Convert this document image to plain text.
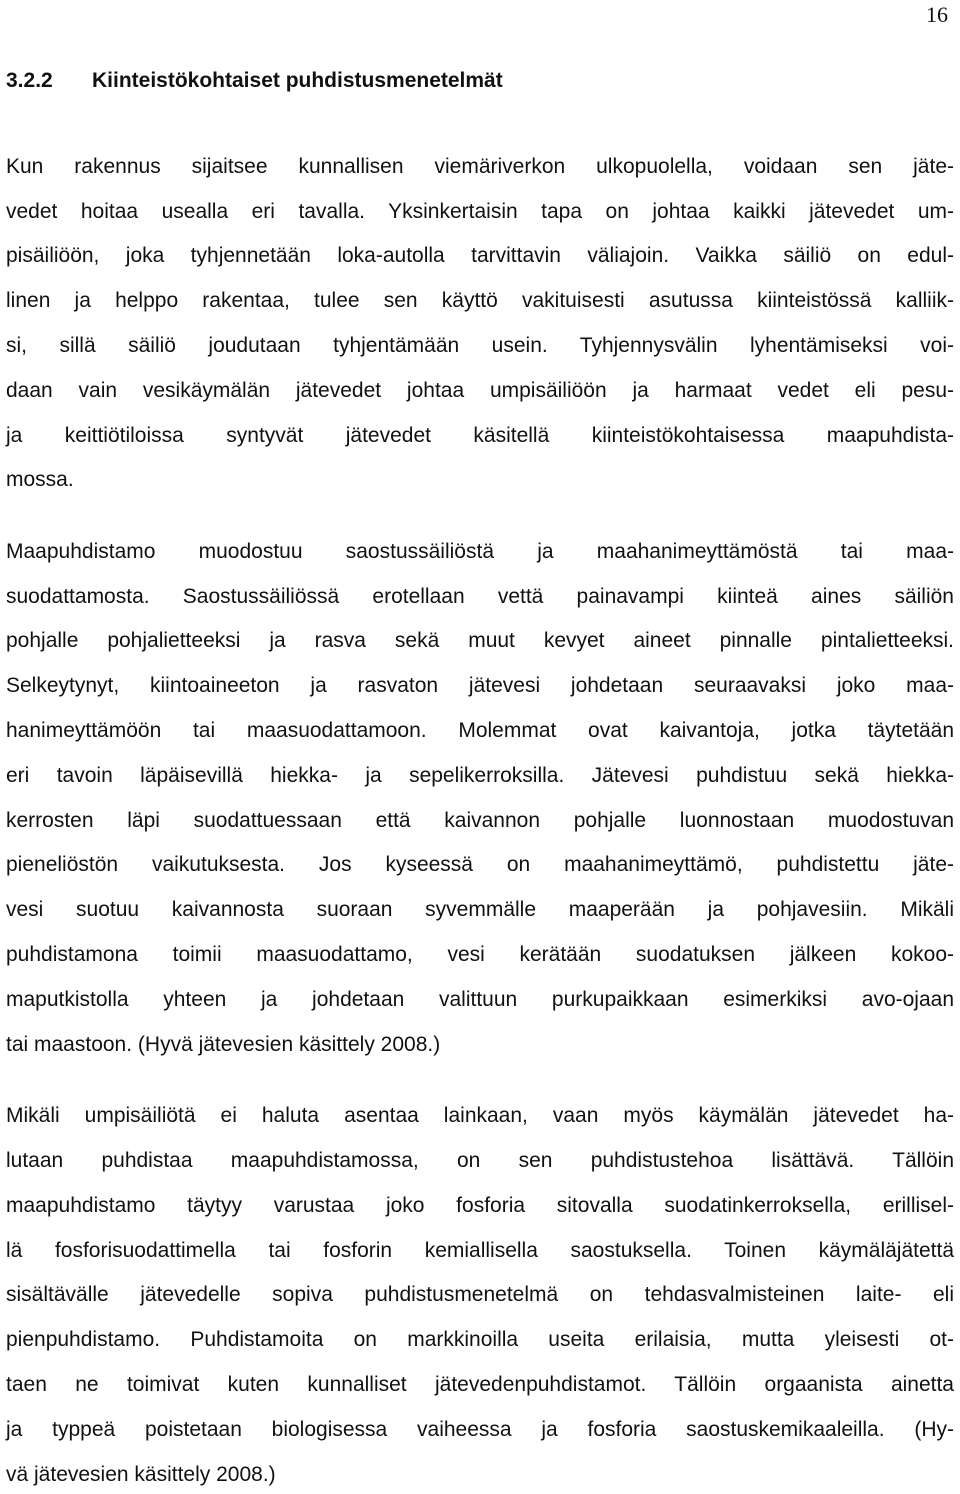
16
3.2.2 Kiinteistökohtaiset puhdistusmenetelmät
Kun rakennus sijaitsee kunnallisen viemäriverkon ulkopuolella, voidaan sen jäte-
vedet hoitaa usealla eri tavalla. Yksinkertaisin tapa on johtaa kaikki jätevedet um-
pisäiliöön, joka tyhjennetään loka-autolla tarvittavin väliajoin. Vaikka säiliö on edul-
linen ja helppo rakentaa, tulee sen käyttö vakituisesti asutussa kiinteistössä kalliik-
si, sillä säiliö joudutaan tyhjentämään usein. Tyhjennysvälin lyhentämiseksi voi-
daan vain vesikäymälän jätevedet johtaa umpisäiliöön ja harmaat vedet eli pesu-
ja keittiötiloissa syntyvät jätevedet käsitellä kiinteistökohtaisessa maapuhdista-
mossa.
Maapuhdistamo muodostuu saostussäiliöstä ja maahanimeyttämöstä tai maa-
suodattamosta. Saostussäiliössä erotellaan vettä painavampi kiinteä aines säiliön
pohjalle pohjalietteeksi ja rasva sekä muut kevyet aineet pinnalle pintalietteeksi.
Selkeytynyt, kiintoaineeton ja rasvaton jätevesi johdetaan seuraavaksi joko maa-
hanimeyttämöön tai maasuodattamoon. Molemmat ovat kaivantoja, jotka täytetään
eri tavoin läpäisevillä hiekka- ja sepelikerroksilla. Jätevesi puhdistuu sekä hiekka-
kerrosten läpi suodattuessaan että kaivannon pohjalle luonnostaan muodostuvan
pieneliöstön vaikutuksesta. Jos kyseessä on maahanimeyttämö, puhdistettu jäte-
vesi suotuu kaivannosta suoraan syvemmälle maaperään ja pohjavesiin. Mikäli
puhdistamona toimii maasuodattamo, vesi kerätään suodatuksen jälkeen kokoo-
maputkistolla yhteen ja johdetaan valittuun purkupaikkaan esimerkiksi avo-ojaan
tai maastoon. (Hyvä jätevesien käsittely 2008.)
Mikäli umpisäiliötä ei haluta asentaa lainkaan, vaan myös käymälän jätevedet ha-
lutaan puhdistaa maapuhdistamossa, on sen puhdistustehoa lisättävä. Tällöin
maapuhdistamo täytyy varustaa joko fosforia sitovalla suodatinkerroksella, erillisel-
lä fosforisuodattimella tai fosforin kemiallisella saostuksella. Toinen käymäläjätettä
sisältävälle jätevedelle sopiva puhdistusmenetelmä on tehdasvalmisteinen laite- eli
pienpuhdistamo. Puhdistamoita on markkinoilla useita erilaisia, mutta yleisesti ot-
taen ne toimivat kuten kunnalliset jätevedenpuhdistamot. Tällöin orgaanista ainetta
ja typpeä poistetaan biologisessa vaiheessa ja fosforia saostuskemikaaleilla. (Hy-
vä jätevesien käsittely 2008.)
